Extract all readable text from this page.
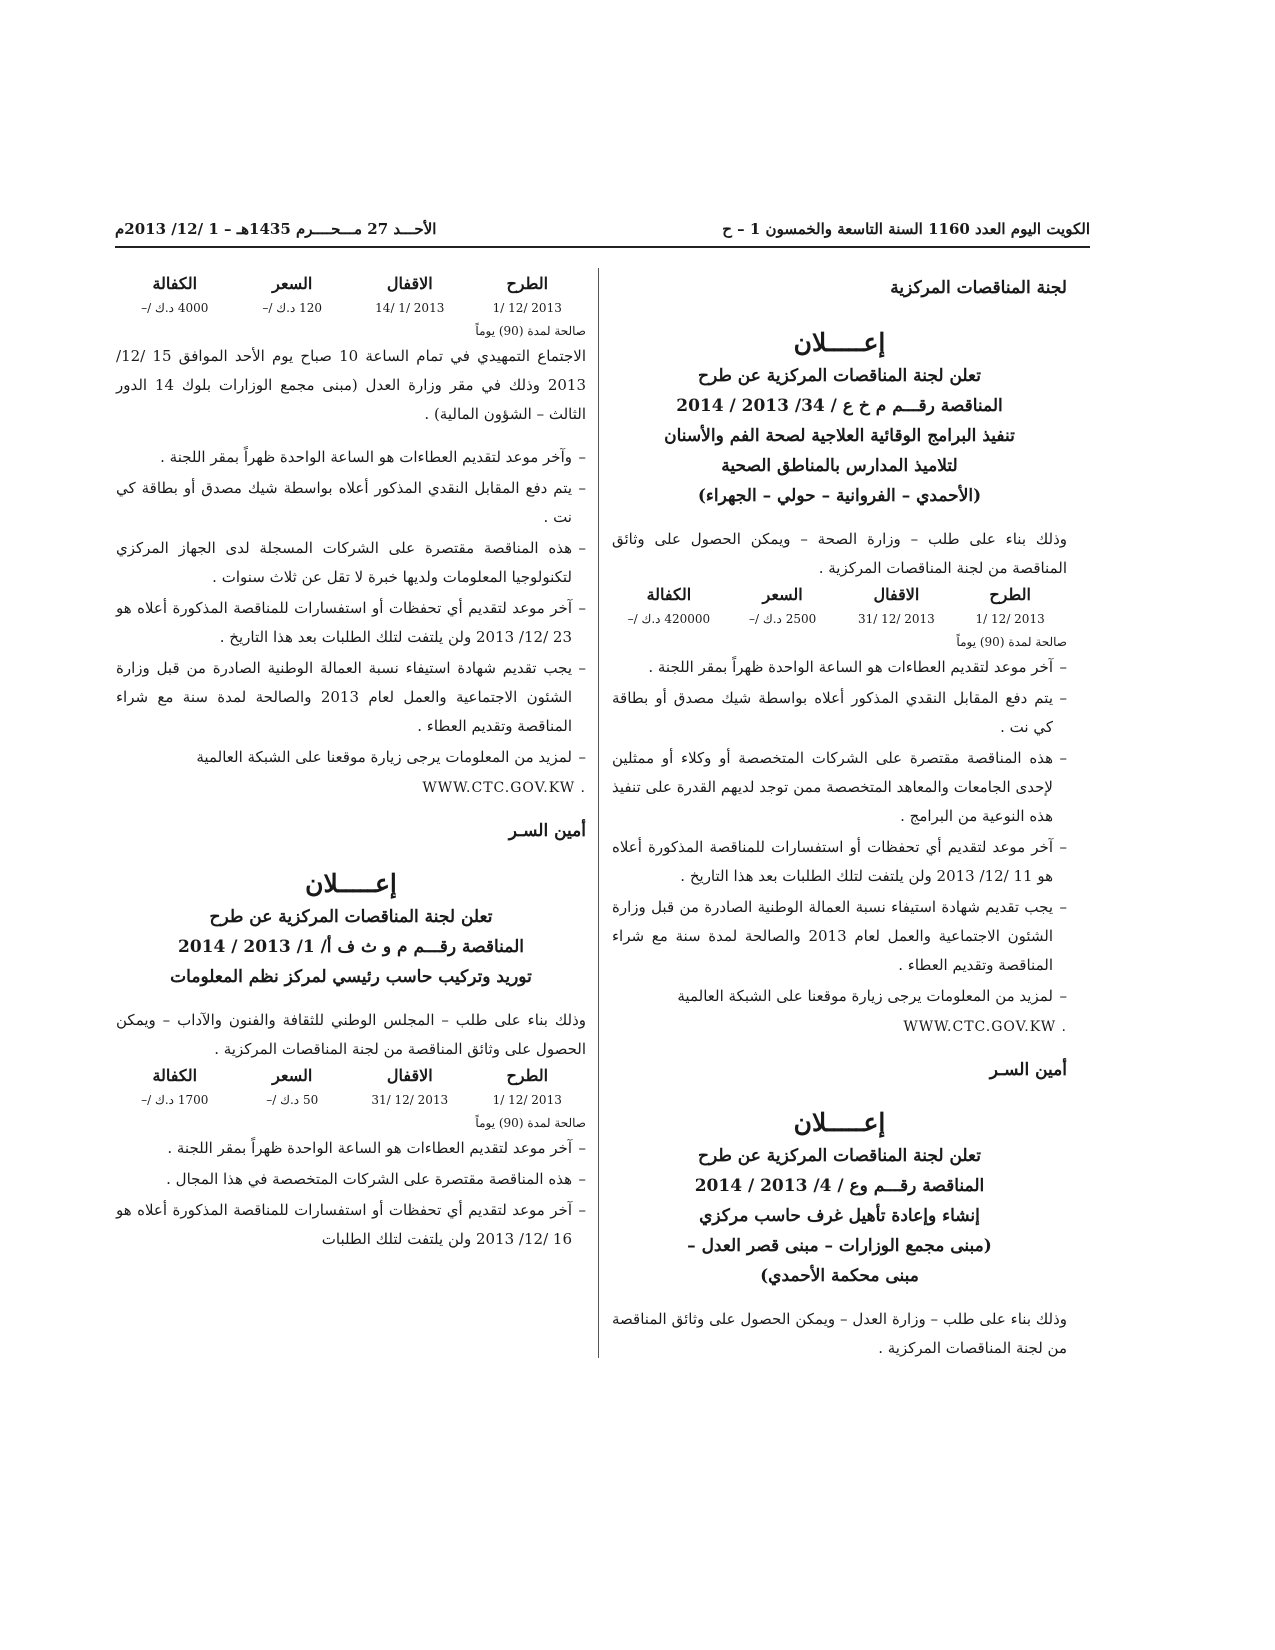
الكويت اليوم العدد 1160 السنة التاسعة والخمسون 1 – ح
الأحـــد 27 مـــحــــرم 1435هـ – 1 /12/ 2013م
لجنة المناقصات المركزية
إعـــــلان
تعلن لجنة المناقصات المركزية عن طرح
المناقصة رقـــم م خ ع / 34/ 2013 / 2014
تنفيذ البرامج الوقائية العلاجية لصحة الفم والأسنان
لتلاميذ المدارس بالمناطق الصحية
(الأحمدي – الفروانية – حولي – الجهراء)
وذلك بناء على طلب – وزارة الصحة – ويمكن الحصول على وثائق المناقصة من لجنة المناقصات المركزية .
الطرح
الاقفال
السعر
الكفالة
2013 /12 /1
2013 /12 /31
2500 د.ك /–
420000 د.ك /–
صالحة لمدة (90) يوماً
– آخر موعد لتقديم العطاءات هو الساعة الواحدة ظهراً بمقر اللجنة .
– يتم دفع المقابل النقدي المذكور أعلاه بواسطة شيك مصدق أو بطاقة كي نت .
– هذه المناقصة مقتصرة على الشركات المتخصصة أو وكلاء أو ممثلين لإحدى الجامعات والمعاهد المتخصصة ممن توجد لديهم القدرة على تنفيذ هذه النوعية من البرامج .
– آخر موعد لتقديم أي تحفظات أو استفسارات للمناقصة المذكورة أعلاه هو 11 /12/ 2013 ولن يلتفت لتلك الطلبات بعد هذا التاريخ .
– يجب تقديم شهادة استيفاء نسبة العمالة الوطنية الصادرة من قبل وزارة الشئون الاجتماعية والعمل لعام 2013 والصالحة لمدة سنة مع شراء المناقصة وتقديم العطاء .
– لمزيد من المعلومات يرجى زيارة موقعنا على الشبكة العالمية
WWW.CTC.GOV.KW .
أمين السـر
إعـــــلان
تعلن لجنة المناقصات المركزية عن طرح
المناقصة رقـــم وع / 4/ 2013 / 2014
إنشاء وإعادة تأهيل غرف حاسب مركزي
(مبنى مجمع الوزارات – مبنى قصر العدل –
مبنى محكمة الأحمدي)
وذلك بناء على طلب – وزارة العدل – ويمكن الحصول على وثائق المناقصة من لجنة المناقصات المركزية .
الطرح
الاقفال
السعر
الكفالة
2013 /12 /1
2013 /1 /14
120 د.ك /–
4000 د.ك /–
صالحة لمدة (90) يوماً
الاجتماع التمهيدي في تمام الساعة 10 صباح يوم الأحد الموافق 15 /12/ 2013 وذلك في مقر وزارة العدل (مبنى مجمع الوزارات بلوك 14 الدور الثالث – الشؤون المالية) .
– وآخر موعد لتقديم العطاءات هو الساعة الواحدة ظهراً بمقر اللجنة .
– يتم دفع المقابل النقدي المذكور أعلاه بواسطة شيك مصدق أو بطاقة كي نت .
– هذه المناقصة مقتصرة على الشركات المسجلة لدى الجهاز المركزي لتكنولوجيا المعلومات ولديها خبرة لا تقل عن ثلاث سنوات .
– آخر موعد لتقديم أي تحفظات أو استفسارات للمناقصة المذكورة أعلاه هو 23 /12/ 2013 ولن يلتفت لتلك الطلبات بعد هذا التاريخ .
– يجب تقديم شهادة استيفاء نسبة العمالة الوطنية الصادرة من قبل وزارة الشئون الاجتماعية والعمل لعام 2013 والصالحة لمدة سنة مع شراء المناقصة وتقديم العطاء .
– لمزيد من المعلومات يرجى زيارة موقعنا على الشبكة العالمية
WWW.CTC.GOV.KW .
أمين السـر
إعـــــلان
تعلن لجنة المناقصات المركزية عن طرح
المناقصة رقـــم م و ث ف أ/ 1/ 2013 / 2014
توريد وتركيب حاسب رئيسي لمركز نظم المعلومات
وذلك بناء على طلب – المجلس الوطني للثقافة والفنون والآداب – ويمكن الحصول على وثائق المناقصة من لجنة المناقصات المركزية .
الطرح
الاقفال
السعر
الكفالة
2013 /12 /1
2013 /12 /31
50 د.ك /–
1700 د.ك /–
صالحة لمدة (90) يوماً
– آخر موعد لتقديم العطاءات هو الساعة الواحدة ظهراً بمقر اللجنة .
– هذه المناقصة مقتصرة على الشركات المتخصصة في هذا المجال .
– آخر موعد لتقديم أي تحفظات أو استفسارات للمناقصة المذكورة أعلاه هو 16 /12/ 2013 ولن يلتفت لتلك الطلبات
